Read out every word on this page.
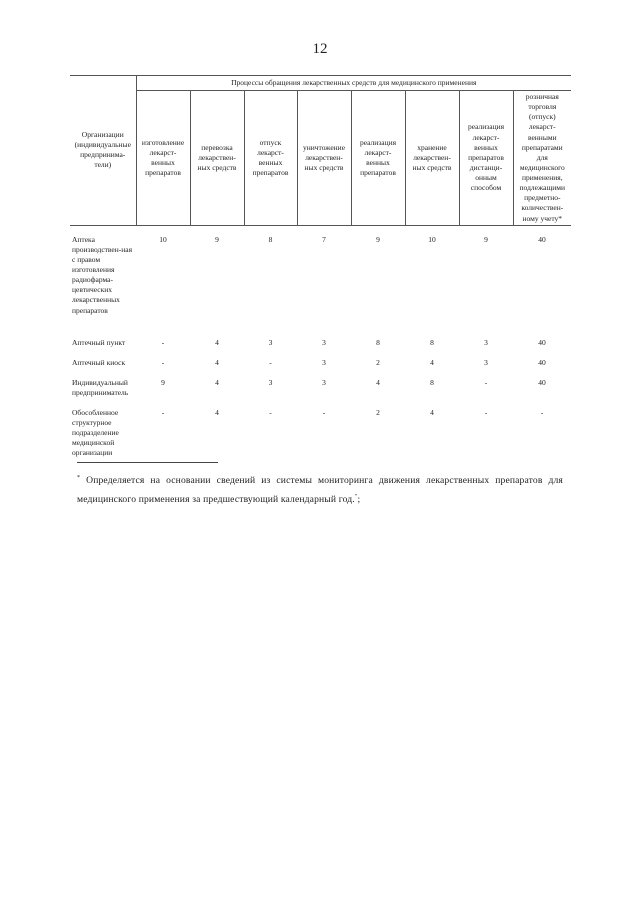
12
Организации (индивидуальные предпринима-тели)	Процессы обращения лекарственных средств для медицинского применения							
	изготовление лекарст-венных препаратов	перевозка лекарствен-ных средств	отпуск лекарст-венных препаратов	уничтожение лекарствен-ных средств	реализация лекарст-венных препаратов	хранение лекарствен-ных средств	реализация лекарст-венных препаратов дистанци-онным способом	розничная торговля (отпуск) лекарст-венными препаратами для медицинского применения, подлежащими предметно-количествен-ному учету*
Аптека производствен-ная с правом изготовления радиофарма-цевтических лекарственных препаратов	10	9	8	7	9	10	9	40
Аптечный пункт	-	4	3	3	8	8	3	40
Аптечный киоск	-	4	-	3	2	4	3	40
Индивидуальный предприниматель	9	4	3	3	4	8	-	40
Обособленное структурное подразделение медицинской организации	-	4	-	-	2	4	-	-
* Определяется на основании сведений из системы мониторинга движения лекарственных препаратов для медицинского применения за предшествующий календарный год.";
